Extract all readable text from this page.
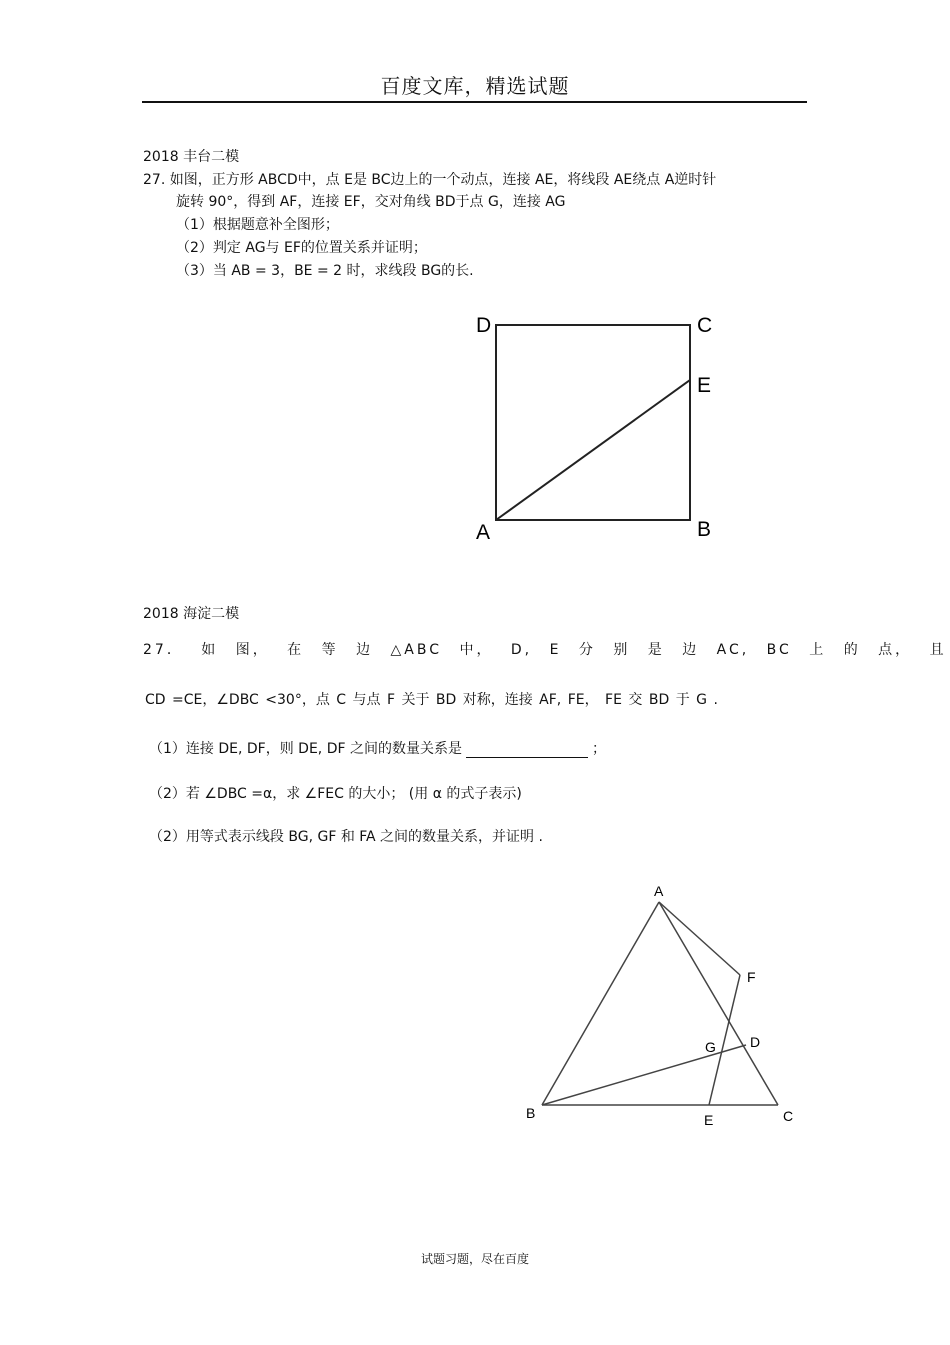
百度文库，精选试题
2018 丰台二模
27. 如图，正方形 ABCD中，点 E是 BC边上的一个动点，连接 AE，将线段 AE绕点 A逆时针
旋转 90°，得到 AF，连接 EF，交对角线 BD于点 G，连接 AG
（1）根据题意补全图形；
（2）判定 AG与 EF的位置关系并证明；
（3）当 AB = 3，BE = 2 时，求线段 BG的长.
2018 海淀二模
27． 如 图， 在 等 边 △ABC 中， D, E 分 别 是 边 AC, BC 上 的 点， 且
CD =CE，∠DBC <30°，点 C 与点 F 关于 BD 对称，连接 AF, FE， FE 交 BD 于 G .
（1）连接 DE, DF，则 DE, DF 之间的数量关系是	；
（2）若 ∠DBC =α，求 ∠FEC 的大小； (用 α 的式子表示)
（2）用等式表示线段 BG, GF 和 FA 之间的数量关系，并证明 .
D	C
E
A	B
A
F
G D
B	E	C
试题习题，尽在百度
